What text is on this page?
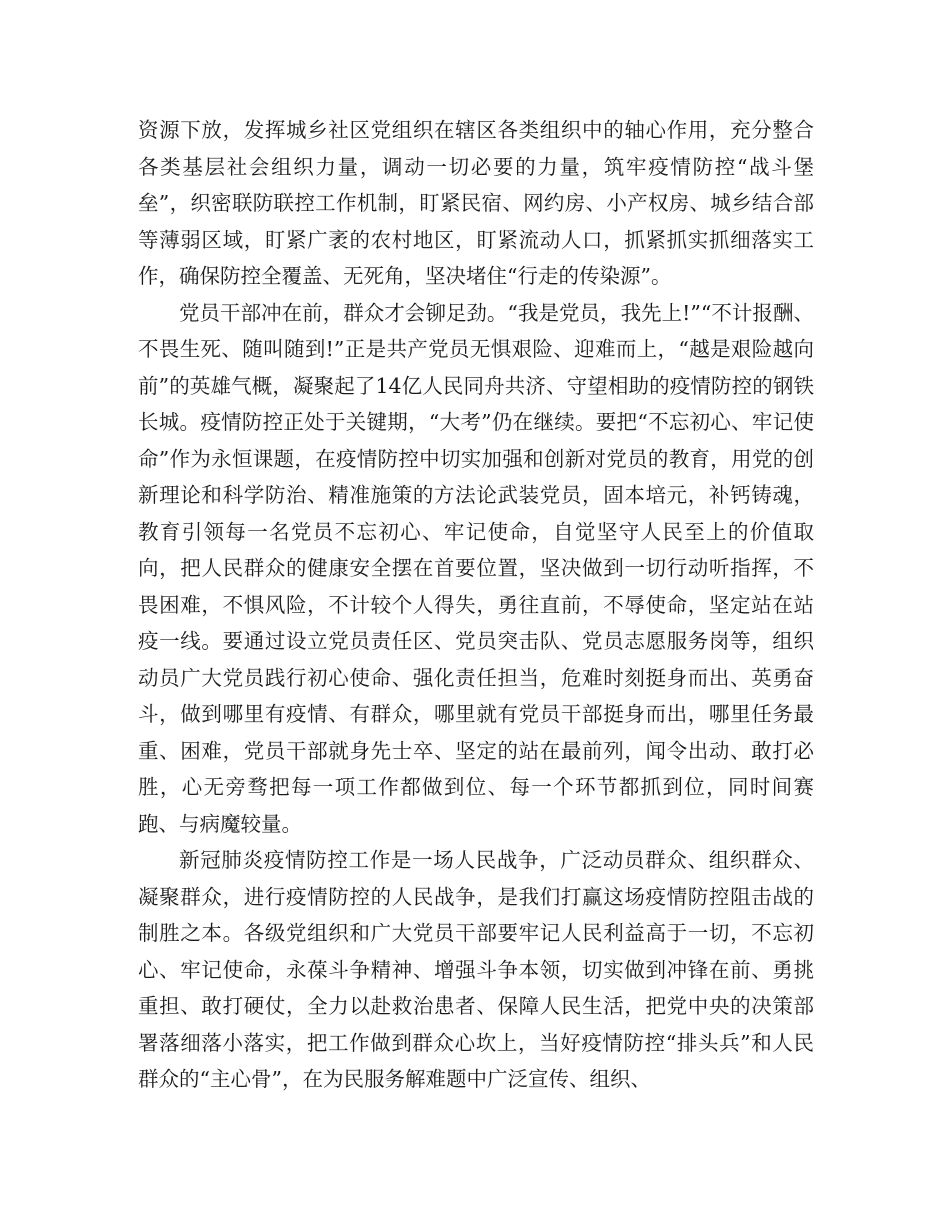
资源下放，发挥城乡社区党组织在辖区各类组织中的轴心作用，充分整合各类基层社会组织力量，调动一切必要的力量，筑牢疫情防控“战斗堡垒”，织密联防联控工作机制，盯紧民宿、网约房、小产权房、城乡结合部等薄弱区域，盯紧广袤的农村地区，盯紧流动人口，抓紧抓实抓细落实工作，确保防控全覆盖、无死角，坚决堵住“行走的传染源”。

党员干部冲在前，群众才会铆足劲。“我是党员，我先上!”“不计报酬、不畏生死、随叫随到!”正是共产党员无惧艰险、迎难而上，“越是艰险越向前”的英雄气概，凝聚起了14亿人民同舟共济、守望相助的疫情防控的钢铁长城。疫情防控正处于关键期，“大考”仍在继续。要把“不忘初心、牢记使命”作为永恒课题，在疫情防控中切实加强和创新对党员的教育，用党的创新理论和科学防治、精准施策的方法论武装党员，固本培元，补钙铸魂，教育引领每一名党员不忘初心、牢记使命，自觉坚守人民至上的价值取向，把人民群众的健康安全摆在首要位置，坚决做到一切行动听指挥，不畏困难，不惧风险，不计较个人得失，勇往直前，不辱使命，坚定站在站疫一线。要通过设立党员责任区、党员突击队、党员志愿服务岗等，组织动员广大党员践行初心使命、强化责任担当，危难时刻挺身而出、英勇奋斗，做到哪里有疫情、有群众，哪里就有党员干部挺身而出，哪里任务最重、困难，党员干部就身先士卒、坚定的站在最前列，闻令出动、敢打必胜，心无旁骛把每一项工作都做到位、每一个环节都抓到位，同时间赛跑、与病魔较量。

新冠肺炎疫情防控工作是一场人民战争，广泛动员群众、组织群众、凝聚群众，进行疫情防控的人民战争，是我们打赢这场疫情防控阻击战的制胜之本。各级党组织和广大党员干部要牢记人民利益高于一切，不忘初心、牢记使命，永葆斗争精神、增强斗争本领，切实做到冲锋在前、勇挑重担、敢打硬仗，全力以赴救治患者、保障人民生活，把党中央的决策部署落细落小落实，把工作做到群众心坎上，当好疫情防控“排头兵”和人民群众的“主心骨”，在为民服务解难题中广泛宣传、组织、
